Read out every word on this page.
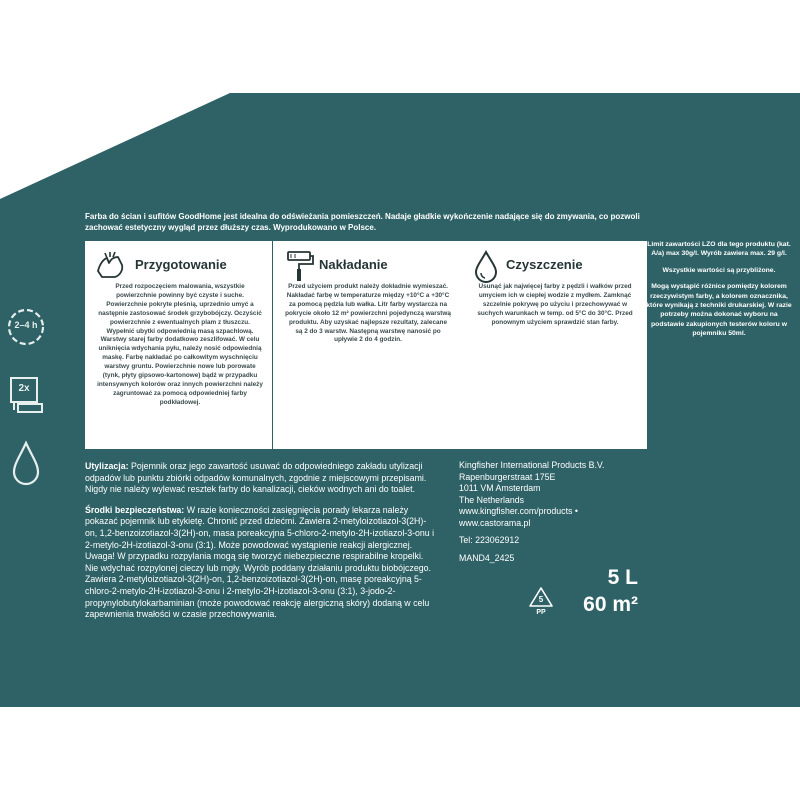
2–4 h
2x
Farba do ścian i sufitów GoodHome jest idealna do odświeżania pomieszczeń. Nadaje gładkie wykończenie nadające się do zmywania, co pozwoli zachować estetyczny wygląd przez dłuższy czas. Wyprodukowano w Polsce.
Przygotowanie
Przed rozpoczęciem malowania, wszystkie powierzchnie powinny być czyste i suche. Powierzchnie pokryte pleśnią, uprzednio umyć a następnie zastosować środek grzybobójczy. Oczyścić powierzchnie z ewentualnych plam z tłuszczu. Wypełnić ubytki odpowiednią masą szpachlową. Warstwy starej farby dodatkowo zeszlifować. W celu uniknięcia wdychania pyłu, należy nosić odpowiednią maskę. Farbę nakładać po całkowitym wyschnięciu warstwy gruntu. Powierzchnie nowe lub porowate (tynk, płyty gipsowo-kartonowe) bądź w przypadku intensywnych kolorów oraz innych powierzchni należy zagruntować za pomocą odpowiedniej farby podkładowej.
Nakładanie
Przed użyciem produkt należy dokładnie wymieszać. Nakładać farbę w temperaturze między +10°C a +30°C za pomocą pędzla lub wałka. Litr farby wystarcza na pokrycie około 12 m² powierzchni pojedynczą warstwą produktu. Aby uzyskać najlepsze rezultaty, zalecane są 2 do 3 warstw. Następną warstwę nanosić po upływie 2 do 4 godzin.
Czyszczenie
Usunąć jak najwięcej farby z pędzli i wałków przed umyciem ich w ciepłej wodzie z mydłem. Zamknąć szczelnie pokrywę po użyciu i przechowywać w suchych warunkach w temp. od 5°C do 30°C. Przed ponownym użyciem sprawdzić stan farby.

Limit zawartości LZO dla tego produktu (kat. A/a) max 30g/l. Wyrób zawiera max. 29 g/l.

Wszystkie wartości są przybliżone.

Mogą wystąpić różnice pomiędzy kolorem rzeczywistym farby, a kolorem oznacznika, które wynikają z techniki drukarskiej. W razie potrzeby można dokonać wyboru na podstawie zakupionych testerów koloru w pojemniku 50ml.

Utylizacja: Pojemnik oraz jego zawartość usuwać do odpowiedniego zakładu utylizacji odpadów lub punktu zbiórki odpadów komunalnych, zgodnie z miejscowymi przepisami. Nigdy nie należy wylewać resztek farby do kanalizacji, cieków wodnych ani do toalet.

Środki bezpieczeństwa: W razie konieczności zasięgnięcia porady lekarza należy pokazać pojemnik lub etykietę. Chronić przed dziećmi. Zawiera 2-metyloizotiazol-3(2H)-on, 1,2-benzoizotiazol-3(2H)-on, masa poreakcyjna 5-chloro-2-metylo-2H-izotiazol-3-onu i 2-metylo-2H-izotiazol-3-onu (3:1). Może powodować wystąpienie reakcji alergicznej. Uwaga! W przypadku rozpylania mogą się tworzyć niebezpieczne respirabilne kropelki. Nie wdychać rozpylonej cieczy lub mgły. Wyrób poddany działaniu produktu biobójczego. Zawiera 2-metyloizotiazol-3(2H)-on, 1,2-benzoizotiazol-3(2H)-on, masę poreakcyjną 5-chloro-2-metylo-2H-izotiazol-3-onu i 2-metylo-2H-izotiazol-3-onu (3:1), 3-jodo-2-propynylobutylokarbaminian (może powodować reakcję alergiczną skóry) dodaną w celu zapewnienia trwałości w czasie przechowywania.

Kingfisher International Products B.V.
Rapenburgerstraat 175E
1011 VM Amsterdam
The Netherlands
www.kingfisher.com/products •
www.castorama.pl
Tel: 223062912
MAND4_2425
5 L
60 m²
5
PP
